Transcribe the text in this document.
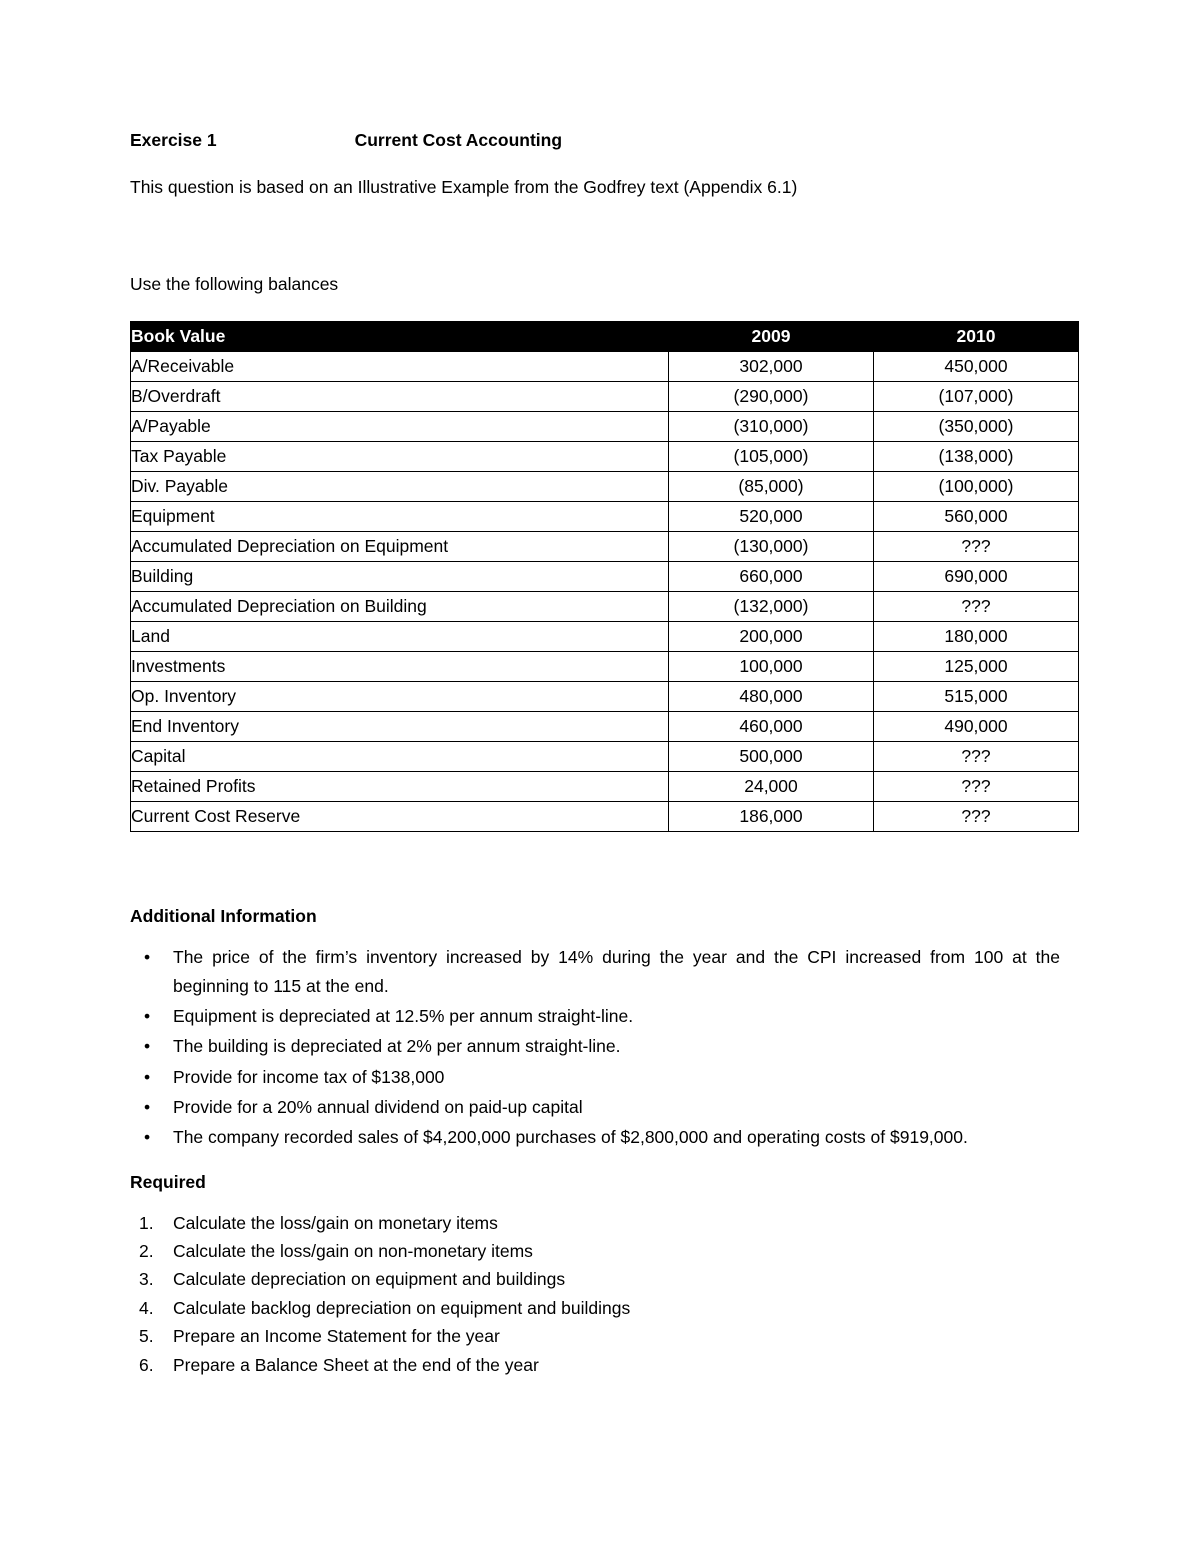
Exercise 1	Current Cost Accounting

This question is based on an Illustrative Example from the Godfrey text (Appendix 6.1)

Use the following balances

Book Value	2009	2010
A/Receivable	302,000	450,000
B/Overdraft	(290,000)	(107,000)
A/Payable	(310,000)	(350,000)
Tax Payable	(105,000)	(138,000)
Div. Payable	(85,000)	(100,000)
Equipment	520,000	560,000
Accumulated Depreciation on Equipment	(130,000)	???
Building	660,000	690,000
Accumulated Depreciation on Building	(132,000)	???
Land	200,000	180,000
Investments	100,000	125,000
Op. Inventory	480,000	515,000
End Inventory	460,000	490,000
Capital	500,000	???
Retained Profits	24,000	???
Current Cost Reserve	186,000	???
Additional Information
• The price of the firm’s inventory increased by 14% during the year and the CPI increased from 100 at the beginning to 115 at the end.
• Equipment is depreciated at 12.5% per annum straight-line.
• The building is depreciated at 2% per annum straight-line.
• Provide for income tax of $138,000
• Provide for a 20% annual dividend on paid-up capital
• The company recorded sales of $4,200,000 purchases of $2,800,000 and operating costs of $919,000.
Required
Calculate the loss/gain on monetary items
Calculate the loss/gain on non-monetary items
Calculate depreciation on equipment and buildings
Calculate backlog depreciation on equipment and buildings
Prepare an Income Statement for the year
Prepare a Balance Sheet at the end of the year
